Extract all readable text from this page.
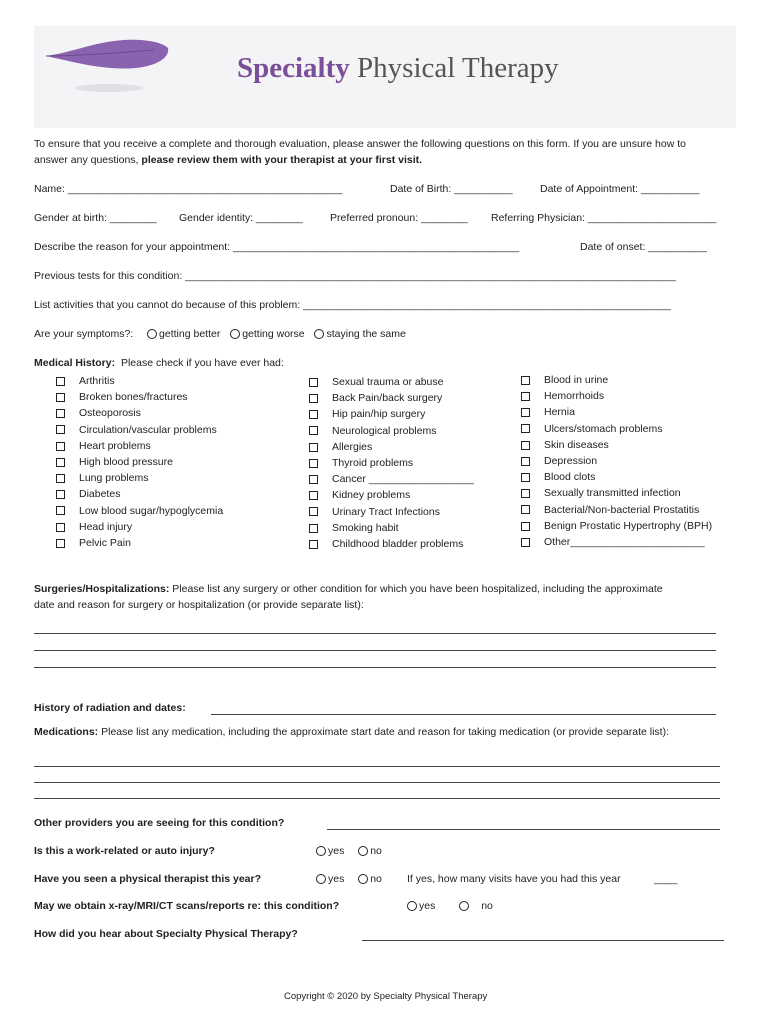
Specialty Physical Therapy
To ensure that you receive a complete and thorough evaluation, please answer the following questions on this form. If you are unsure how to
answer any questions, please review them with your therapist at your first visit.
Name: _______________________________________________	Date of Birth: __________	Date of Appointment: __________
Gender at birth: ________ Gender identity: ________	Preferred pronoun: ________ Referring Physician: ______________________
Describe the reason for your appointment: _________________________________________________	Date of onset: __________
Previous tests for this condition: ____________________________________________________________________________________
List activities that you cannot do because of this problem: _______________________________________________________________
Are your symptoms?: getting better getting worse staying the same
Medical History: Please check if you have ever had:
Arthritis
Broken bones/fractures
Osteoporosis
Circulation/vascular problems
Heart problems
High blood pressure
Lung problems
Diabetes
Low blood sugar/hypoglycemia
Head injury
Pelvic Pain
Sexual trauma or abuse
Back Pain/back surgery
Hip pain/hip surgery
Neurological problems
Allergies
Thyroid problems
Cancer __________________
Kidney problems
Urinary Tract Infections
Smoking habit
Childhood bladder problems
Blood in urine
Hemorrhoids
Hernia
Ulcers/stomach problems
Skin diseases
Depression
Blood clots
Sexually transmitted infection
Bacterial/Non-bacterial Prostatitis
Benign Prostatic Hypertrophy (BPH)
Other_______________________
Surgeries/Hospitalizations: Please list any surgery or other condition for which you have been hospitalized, including the approximate
date and reason for surgery or hospitalization (or provide separate list):
History of radiation and dates:
Medications: Please list any medication, including the approximate start date and reason for taking medication (or provide separate list):
Other providers you are seeing for this condition?
Is this a work-related or auto injury?	yes no
Have you seen a physical therapist this year?	yes no If yes, how many visits have you had this year	____
May we obtain x-ray/MRI/CT scans/reports re: this condition?	yes	no
How did you hear about Specialty Physical Therapy?
Copyright © 2020 by Specialty Physical Therapy
